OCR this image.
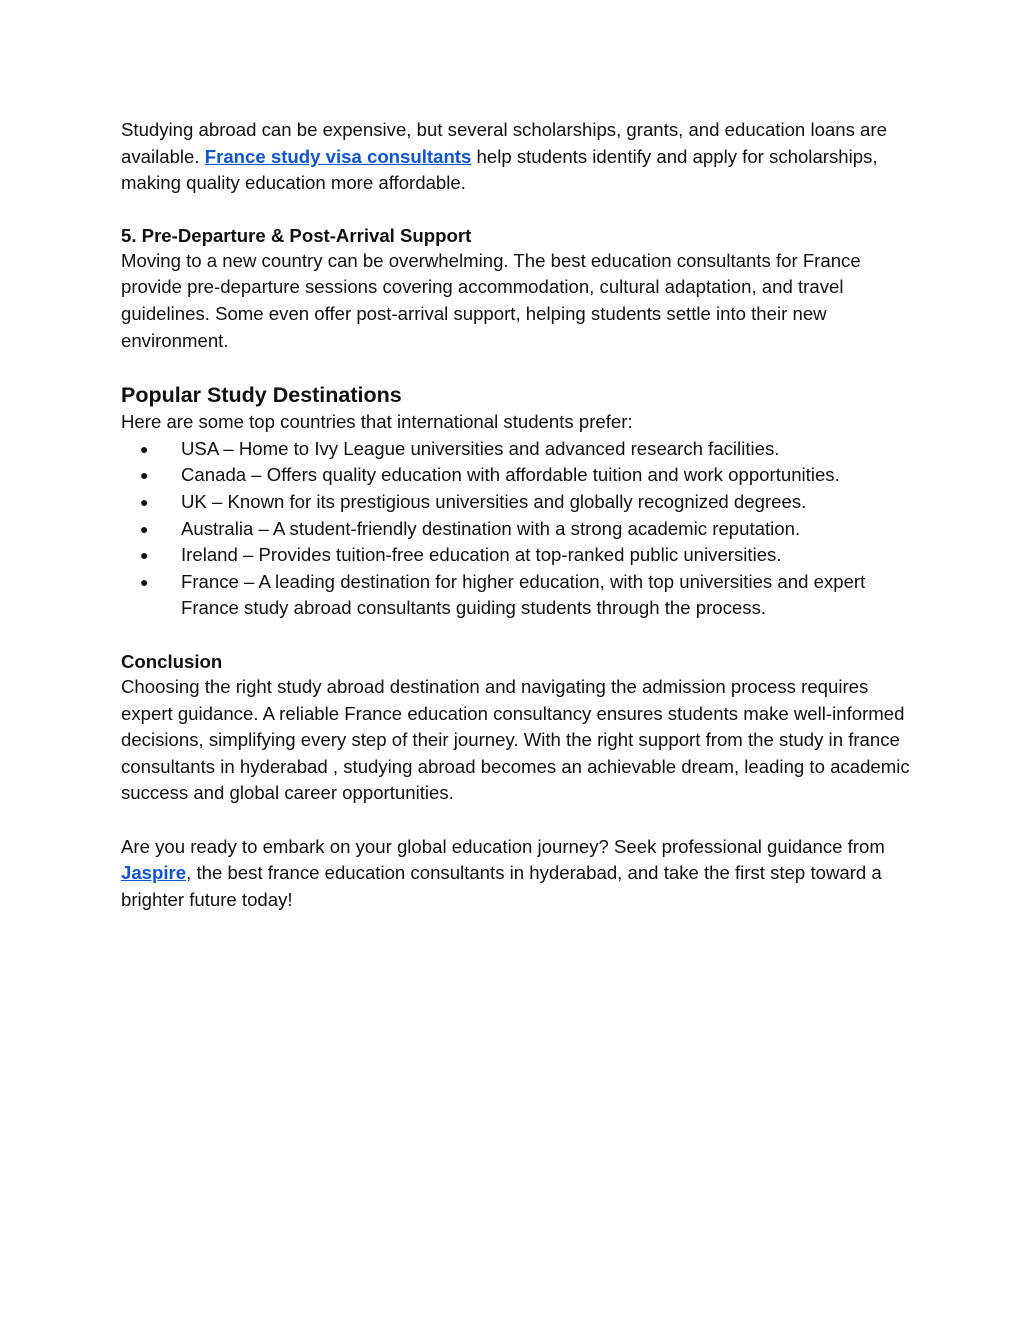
Studying abroad can be expensive, but several scholarships, grants, and education loans are available. France study visa consultants help students identify and apply for scholarships, making quality education more affordable.

5. Pre-Departure & Post-Arrival Support

Moving to a new country can be overwhelming. The best education consultants for France provide pre-departure sessions covering accommodation, cultural adaptation, and travel guidelines. Some even offer post-arrival support, helping students settle into their new environment.

Popular Study Destinations

Here are some top countries that international students prefer:

● USA – Home to Ivy League universities and advanced research facilities.
● Canada – Offers quality education with affordable tuition and work opportunities.
● UK – Known for its prestigious universities and globally recognized degrees.
● Australia – A student-friendly destination with a strong academic reputation.
● Ireland – Provides tuition-free education at top-ranked public universities.
● France – A leading destination for higher education, with top universities and expert France study abroad consultants guiding students through the process.
Conclusion

Choosing the right study abroad destination and navigating the admission process requires expert guidance. A reliable France education consultancy ensures students make well-informed decisions, simplifying every step of their journey. With the right support from the study in france consultants in hyderabad , studying abroad becomes an achievable dream, leading to academic success and global career opportunities.

Are you ready to embark on your global education journey? Seek professional guidance from Jaspire, the best france education consultants in hyderabad, and take the first step toward a brighter future today!
